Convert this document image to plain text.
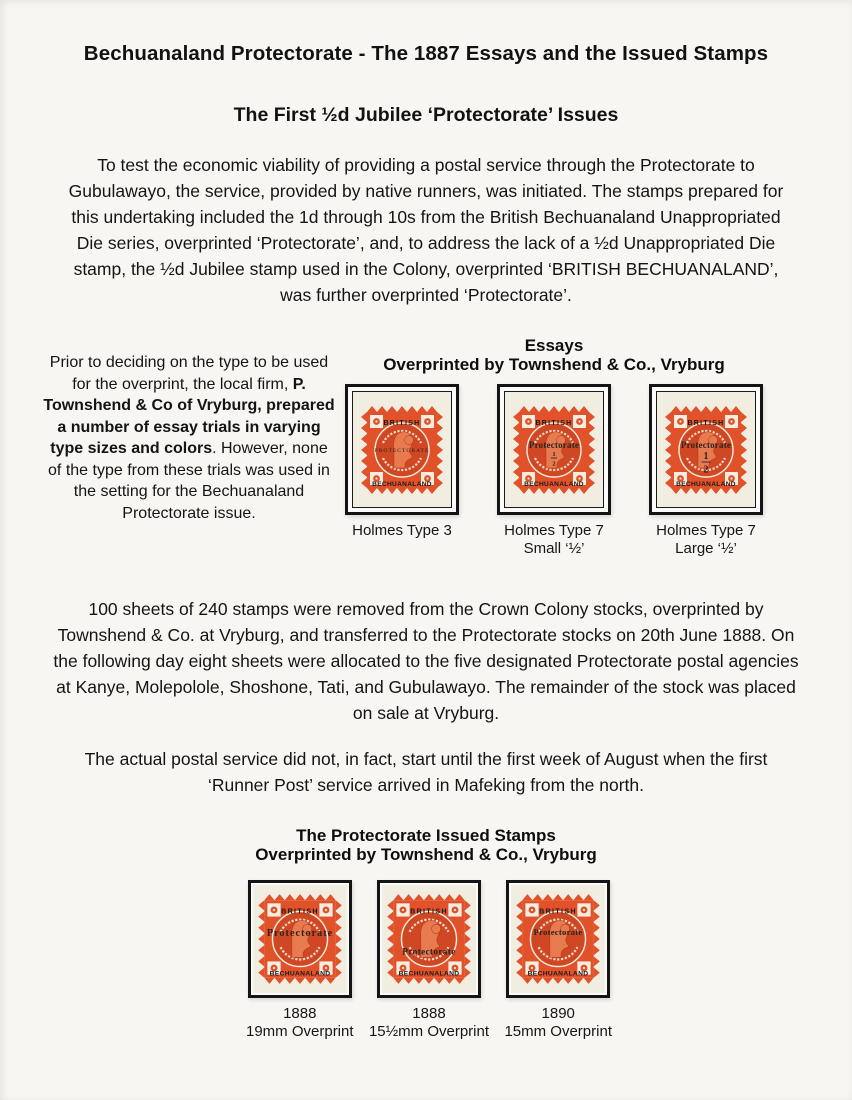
Bechuanaland Protectorate - The 1887 Essays and the Issued Stamps
The First ½d Jubilee ‘Protectorate’ Issues

To test the economic viability of providing a postal service through the Protectorate to Gubulawayo, the service, provided by native runners, was initiated. The stamps prepared for this undertaking included the 1d through 10s from the British Bechuanaland Unappropriated Die series, overprinted ‘Protectorate’, and, to address the lack of a ½d Unappropriated Die stamp, the ½d Jubilee stamp used in the Colony, overprinted ‘BRITISH BECHUANALAND’, was further overprinted ‘Protectorate’.

Prior to deciding on the type to be used for the overprint, the local firm, P. Townshend & Co of Vryburg, prepared a number of essay trials in varying type sizes and colors. However, none of the type from these trials was used in the setting for the Bechuanaland Protectorate issue.
Essays
Overprinted by Townshend & Co., Vryburg
BRITISH
BECHUANALAND
PROTECTORATE
Holmes Type 3
BRITISH
BECHUANALAND
Protectorate
1
2
Holmes Type 7
Small ‘½’
BRITISH
BECHUANALAND
Protectorate
1
2
Holmes Type 7
Large ‘½’

100 sheets of 240 stamps were removed from the Crown Colony stocks, overprinted by Townshend & Co. at Vryburg, and transferred to the Protectorate stocks on 20th June 1888. On the following day eight sheets were allocated to the five designated Protectorate postal agencies at Kanye, Molepolole, Shoshone, Tati, and Gubulawayo. The remainder of the stock was placed on sale at Vryburg.

The actual postal service did not, in fact, start until the first week of August when the first ‘Runner Post’ service arrived in Mafeking from the north.

The Protectorate Issued Stamps
Overprinted by Townshend & Co., Vryburg
BRITISH
BECHUANALAND
Protectorate
1888
19mm Overprint
BRITISH
BECHUANALAND
Protectorate
1888
15½mm Overprint
BRITISH
BECHUANALAND
Protectorate
1890
15mm Overprint
